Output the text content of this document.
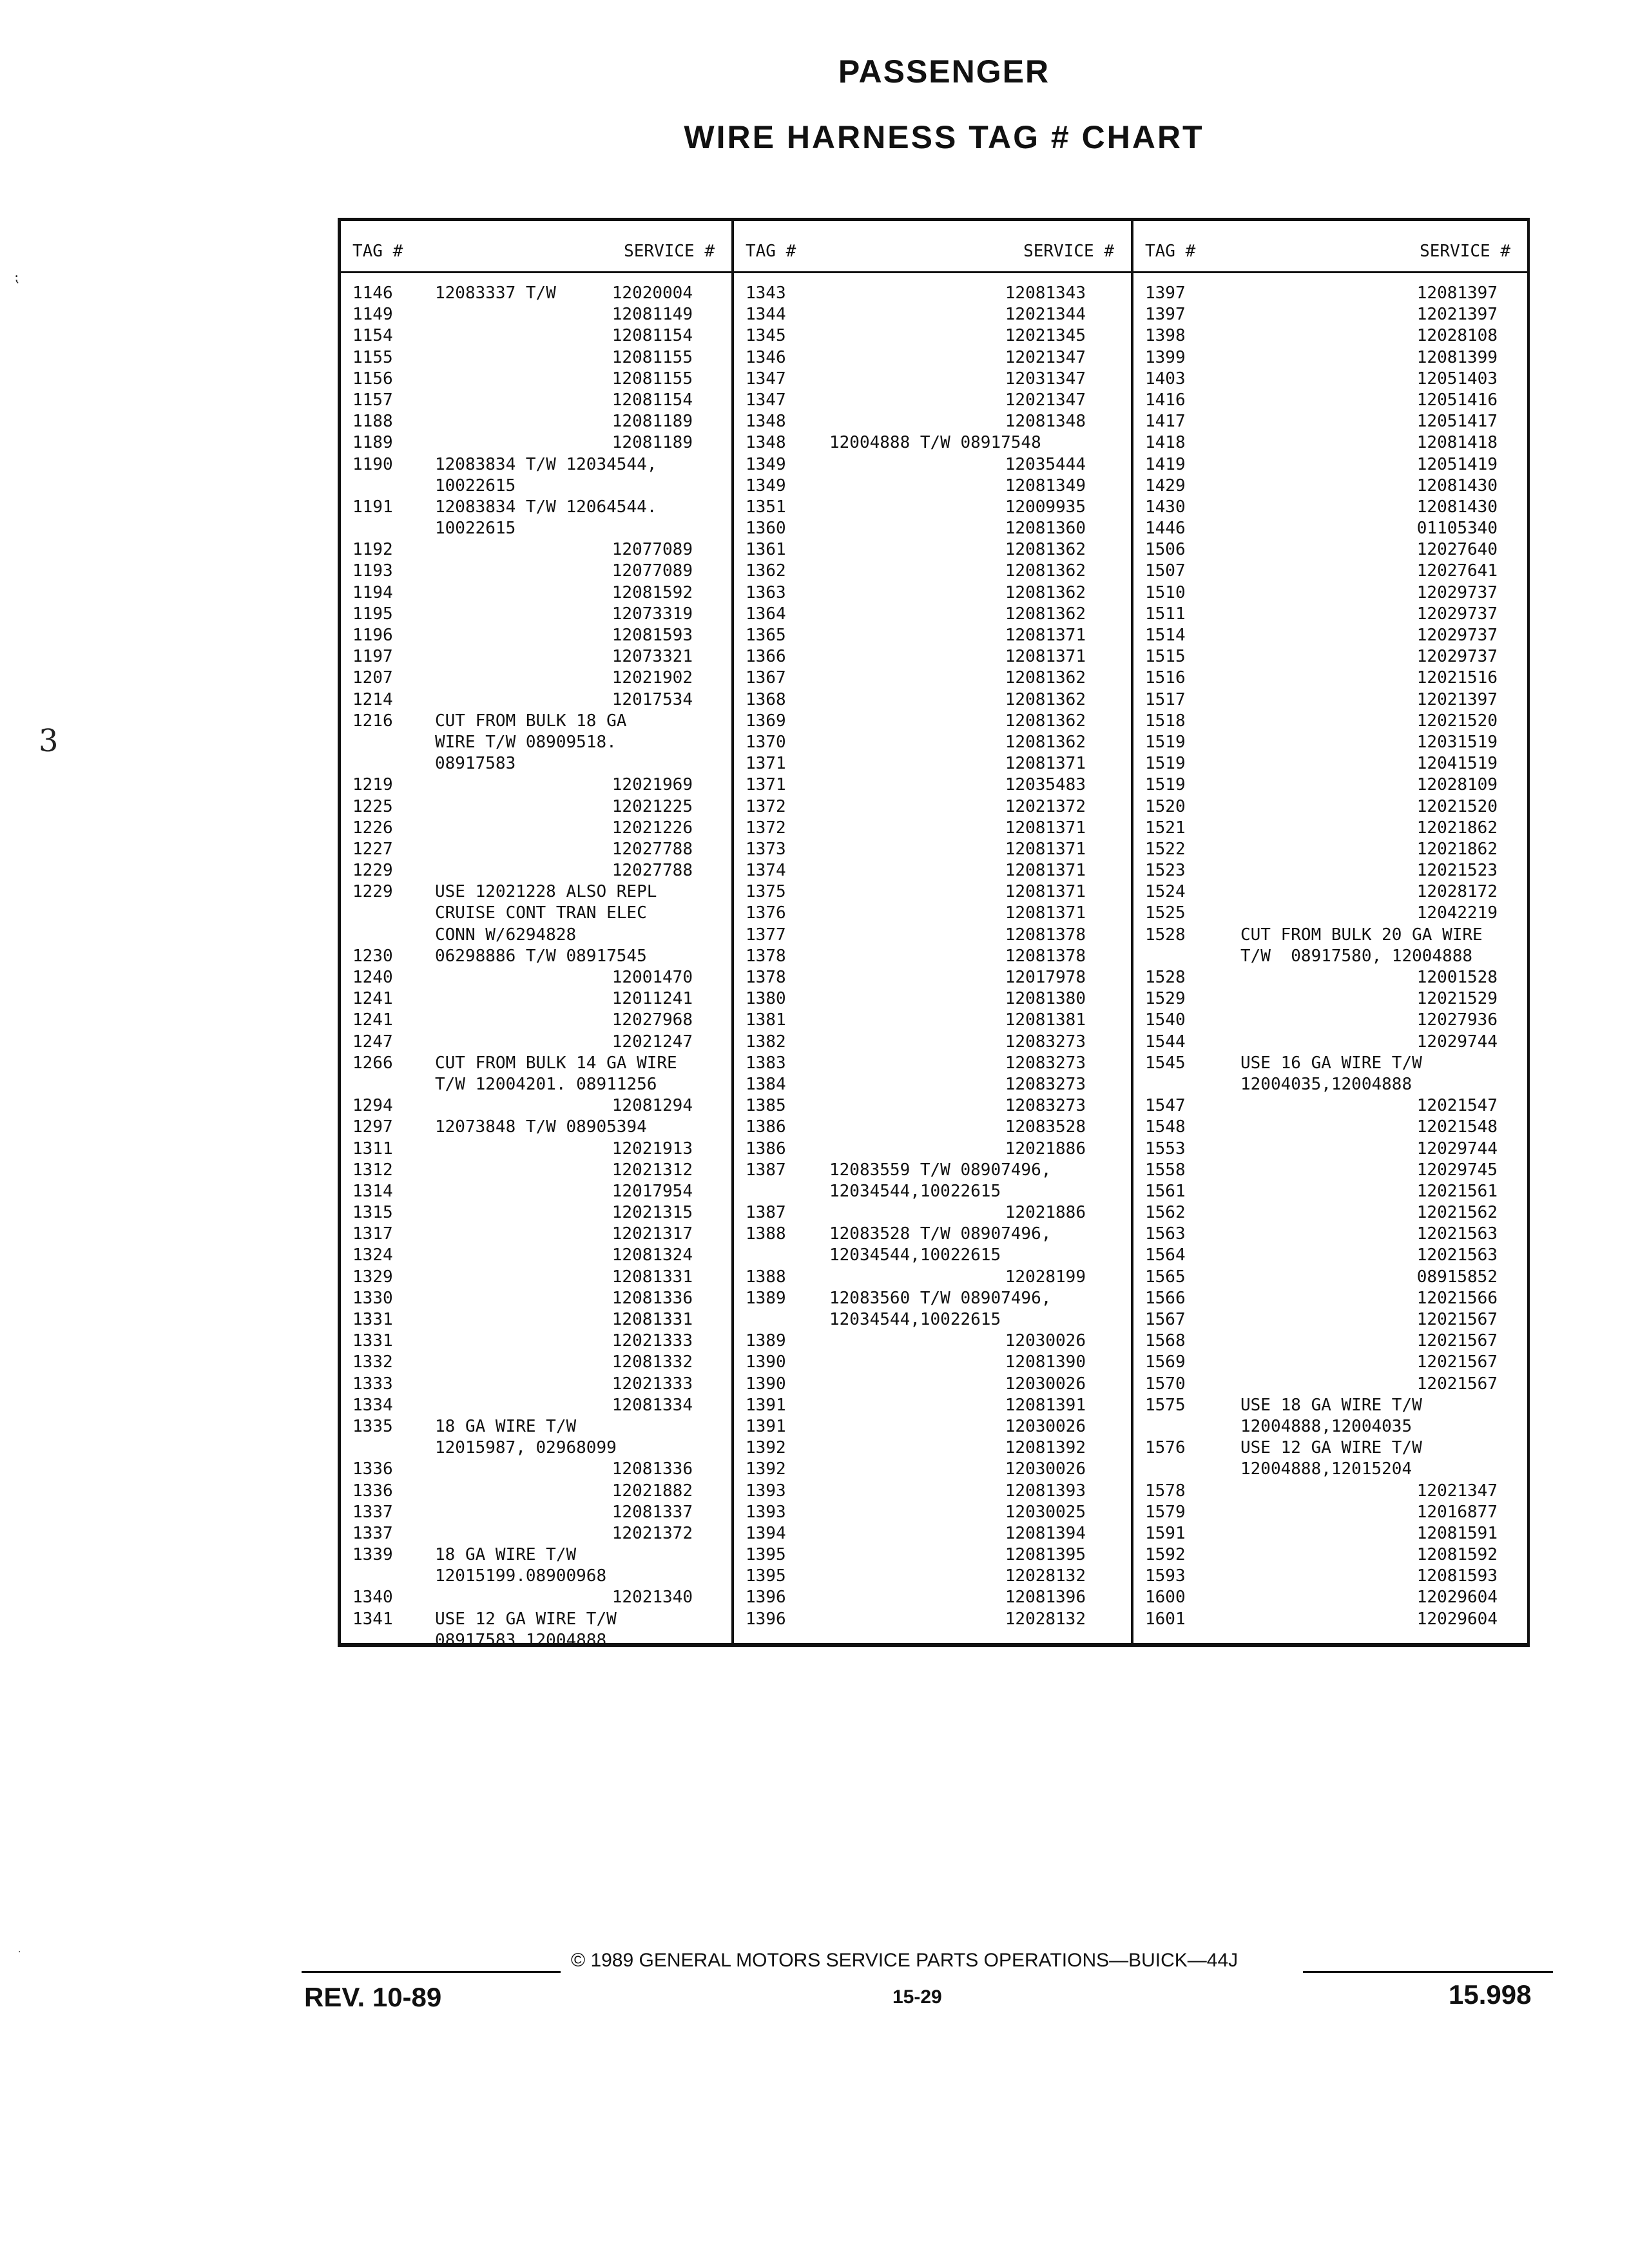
PASSENGER
WIRE HARNESS TAG # CHART
TAG #	SERVICE #
1146	12083337 T/W	12020004
1149	12081149
1154	12081154
1155	12081155
1156	12081155
1157	12081154
1188	12081189
1189	12081189
1190	12083834 T/W 12034544,
10022615
1191	12083834 T/W 12064544.
10022615
1192	12077089
1193	12077089
1194	12081592
1195	12073319
1196	12081593
1197	12073321
1207	12021902
1214	12017534
1216	CUT FROM BULK 18 GA
WIRE T/W 08909518.
08917583
1219	12021969
1225	12021225
1226	12021226
1227	12027788
1229	12027788
1229	USE 12021228 ALSO REPL
CRUISE CONT TRAN ELEC
CONN W/6294828
1230	06298886 T/W 08917545
1240	12001470
1241	12011241
1241	12027968
1247	12021247
1266	CUT FROM BULK 14 GA WIRE
T/W 12004201. 08911256
1294	12081294
1297	12073848 T/W 08905394
1311	12021913
1312	12021312
1314	12017954
1315	12021315
1317	12021317
1324	12081324
1329	12081331
1330	12081336
1331	12081331
1331	12021333
1332	12081332
1333	12021333
1334	12081334
1335	18 GA WIRE T/W
12015987, 02968099
1336	12081336
1336	12021882
1337	12081337
1337	12021372
1339	18 GA WIRE T/W
12015199.08900968
1340	12021340
1341	USE 12 GA WIRE T/W
08917583.12004888
TAG #	SERVICE #
1343	12081343
1344	12021344
1345	12021345
1346	12021347
1347	12031347
1347	12021347
1348	12081348
1348	12004888 T/W 08917548
1349	12035444
1349	12081349
1351	12009935
1360	12081360
1361	12081362
1362	12081362
1363	12081362
1364	12081362
1365	12081371
1366	12081371
1367	12081362
1368	12081362
1369	12081362
1370	12081362
1371	12081371
1371	12035483
1372	12021372
1372	12081371
1373	12081371
1374	12081371
1375	12081371
1376	12081371
1377	12081378
1378	12081378
1378	12017978
1380	12081380
1381	12081381
1382	12083273
1383	12083273
1384	12083273
1385	12083273
1386	12083528
1386	12021886
1387	12083559 T/W 08907496,
12034544,10022615
1387	12021886
1388	12083528 T/W 08907496,
12034544,10022615
1388	12028199
1389	12083560 T/W 08907496,
12034544,10022615
1389	12030026
1390	12081390
1390	12030026
1391	12081391
1391	12030026
1392	12081392
1392	12030026
1393	12081393
1393	12030025
1394	12081394
1395	12081395
1395	12028132
1396	12081396
1396	12028132
TAG #	SERVICE #
1397	12081397
1397	12021397
1398	12028108
1399	12081399
1403	12051403
1416	12051416
1417	12051417
1418	12081418
1419	12051419
1429	12081430
1430	12081430
1446	01105340
1506	12027640
1507	12027641
1510	12029737
1511	12029737
1514	12029737
1515	12029737
1516	12021516
1517	12021397
1518	12021520
1519	12031519
1519	12041519
1519	12028109
1520	12021520
1521	12021862
1522	12021862
1523	12021523
1524	12028172
1525	12042219
1528	CUT FROM BULK 20 GA WIRE
T/W  08917580, 12004888
1528	12001528
1529	12021529
1540	12027936
1544	12029744
1545	USE 16 GA WIRE T/W
12004035,12004888
1547	12021547
1548	12021548
1553	12029744
1558	12029745
1561	12021561
1562	12021562
1563	12021563
1564	12021563
1565	08915852
1566	12021566
1567	12021567
1568	12021567
1569	12021567
1570	12021567
1575	USE 18 GA WIRE T/W
12004888,12004035
1576	USE 12 GA WIRE T/W
12004888,12015204
1578	12021347
1579	12016877
1591	12081591
1592	12081592
1593	12081593
1600	12029604
1601	12029604
© 1989 GENERAL MOTORS SERVICE PARTS OPERATIONS—BUICK—44J
REV. 10-89	15-29	15.998
⁏
3
·
